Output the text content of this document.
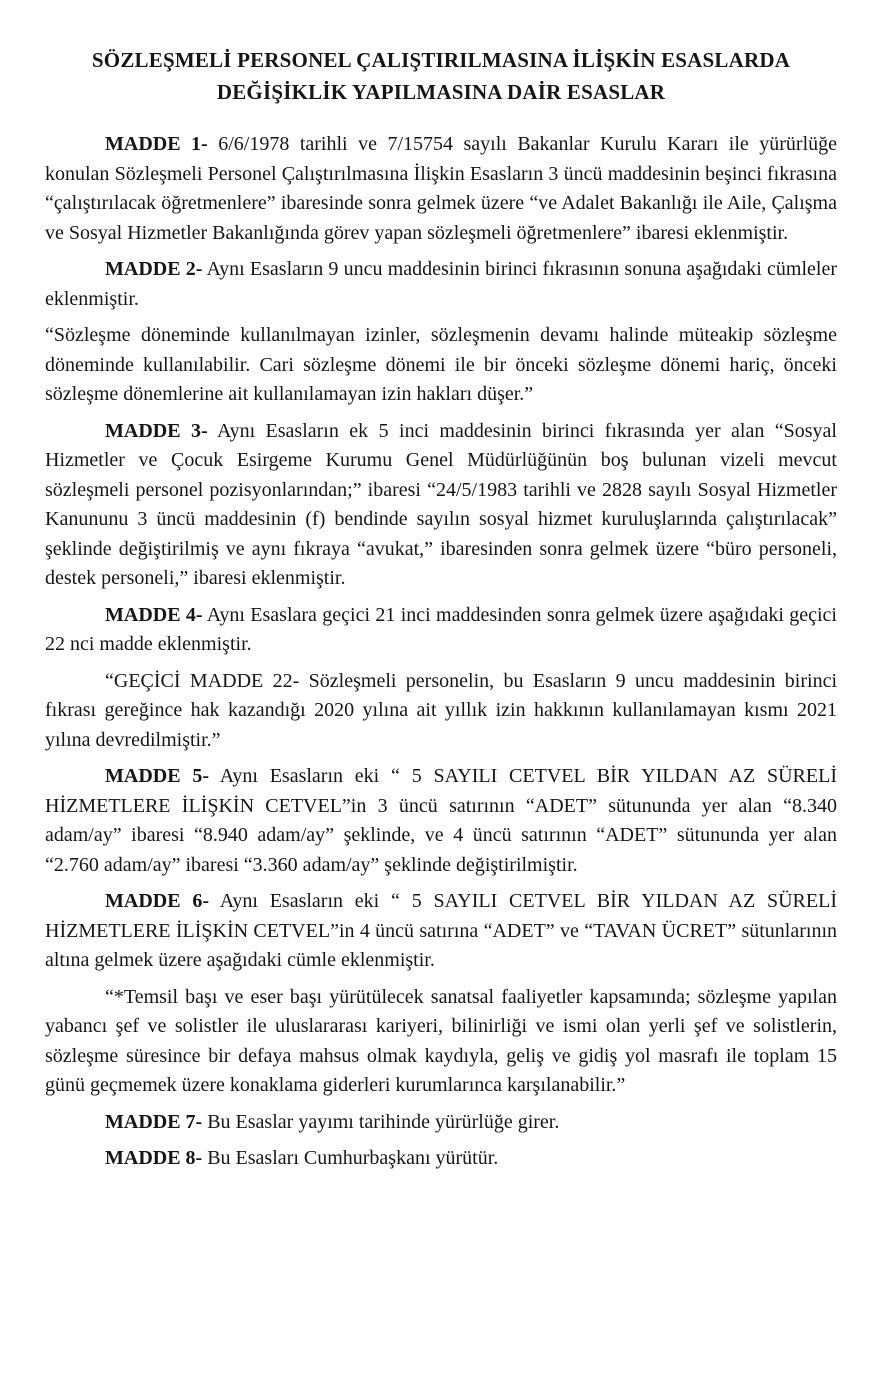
SÖZLEŞMELİ PERSONEL ÇALIŞTIRILMASINA İLİŞKİN ESASLARDA
DEĞİŞİKLİK YAPILMASINA DAİR ESASLAR

MADDE 1- 6/6/1978 tarihli ve 7/15754 sayılı Bakanlar Kurulu Kararı ile yürürlüğe konulan Sözleşmeli Personel Çalıştırılmasına İlişkin Esasların 3 üncü maddesinin beşinci fıkrasına “çalıştırılacak öğretmenlere” ibaresinde sonra gelmek üzere “ve Adalet Bakanlığı ile Aile, Çalışma ve Sosyal Hizmetler Bakanlığında görev yapan sözleşmeli öğretmenlere” ibaresi eklenmiştir.

MADDE 2- Aynı Esasların 9 uncu maddesinin birinci fıkrasının sonuna aşağıdaki cümleler eklenmiştir.

“Sözleşme döneminde kullanılmayan izinler, sözleşmenin devamı halinde müteakip sözleşme döneminde kullanılabilir. Cari sözleşme dönemi ile bir önceki sözleşme dönemi hariç, önceki sözleşme dönemlerine ait kullanılamayan izin hakları düşer.”

MADDE 3- Aynı Esasların ek 5 inci maddesinin birinci fıkrasında yer alan “Sosyal Hizmetler ve Çocuk Esirgeme Kurumu Genel Müdürlüğünün boş bulunan vizeli mevcut sözleşmeli personel pozisyonlarından;” ibaresi “24/5/1983 tarihli ve 2828 sayılı Sosyal Hizmetler Kanununu 3 üncü maddesinin (f) bendinde sayılın sosyal hizmet kuruluşlarında çalıştırılacak” şeklinde değiştirilmiş ve aynı fıkraya “avukat,” ibaresinden sonra gelmek üzere “büro personeli, destek personeli,” ibaresi eklenmiştir.

MADDE 4- Aynı Esaslara geçici 21 inci maddesinden sonra gelmek üzere aşağıdaki geçici 22 nci madde eklenmiştir.

“GEÇİCİ MADDE 22- Sözleşmeli personelin, bu Esasların 9 uncu maddesinin birinci fıkrası gereğince hak kazandığı 2020 yılına ait yıllık izin hakkının kullanılamayan kısmı 2021 yılına devredilmiştir.”

MADDE 5- Aynı Esasların eki “ 5 SAYILI CETVEL BİR YILDAN AZ SÜRELİ HİZMETLERE İLİŞKİN CETVEL”in 3 üncü satırının “ADET” sütununda yer alan “8.340 adam/ay” ibaresi “8.940 adam/ay” şeklinde, ve 4 üncü satırının “ADET” sütununda yer alan “2.760 adam/ay” ibaresi “3.360 adam/ay” şeklinde değiştirilmiştir.

MADDE 6- Aynı Esasların eki “ 5 SAYILI CETVEL BİR YILDAN AZ SÜRELİ HİZMETLERE İLİŞKİN CETVEL”in 4 üncü satırına “ADET” ve “TAVAN ÜCRET” sütunlarının altına gelmek üzere aşağıdaki cümle eklenmiştir.

“*Temsil başı ve eser başı yürütülecek sanatsal faaliyetler kapsamında; sözleşme yapılan yabancı şef ve solistler ile uluslararası kariyeri, bilinirliği ve ismi olan yerli şef ve solistlerin, sözleşme süresince bir defaya mahsus olmak kaydıyla, geliş ve gidiş yol masrafı ile toplam 15 günü geçmemek üzere konaklama giderleri kurumlarınca karşılanabilir.”

MADDE 7- Bu Esaslar yayımı tarihinde yürürlüğe girer.

MADDE 8- Bu Esasları Cumhurbaşkanı yürütür.
